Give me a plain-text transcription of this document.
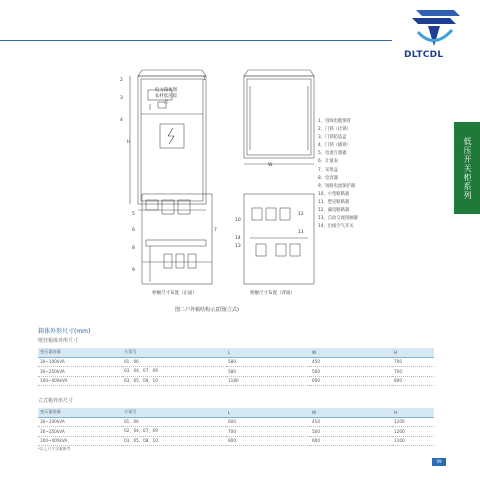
DLTCDL
低压开关柜系列
电力箱体图 农村低压综合
1
2
3
4
5
6	7
8
9
W
H
10
11
12
13
14
柜额尺寸布置（正面）	柜额尺寸布置（背面）
图二户外箱结构示意图(立式)
1、进线电缆保管
2、门锁（挂锁）
3、门锁防盗盒
4、门锁（插锁）
5、电流互感器
6、计量表
7、采集盒
8、电容器
9、短路电流保护器
10、小型断路器
11、塑壳断路器
12、漏电断路器
13、自动交流接触器
14、出线空气开关
箱体外形尺寸(mm)
壁挂箱体外形尺寸
变压器容量	方案号	L	W	H
30~100kVA	01、06	580	450	700
30~250kVA	03、04、07、09	580	500	700
100~400kVA	03、05、08、10	1180	600	800
立式箱外形尺寸
变压器容量	方案号	L	W	H
30~100kVA	01、06	600	450	1200
30~250kVA	02、04、07、09	700	500	1200
100~400kVA	03、05、08、10	800	600	1100
*以上尺寸仅做参考
09
